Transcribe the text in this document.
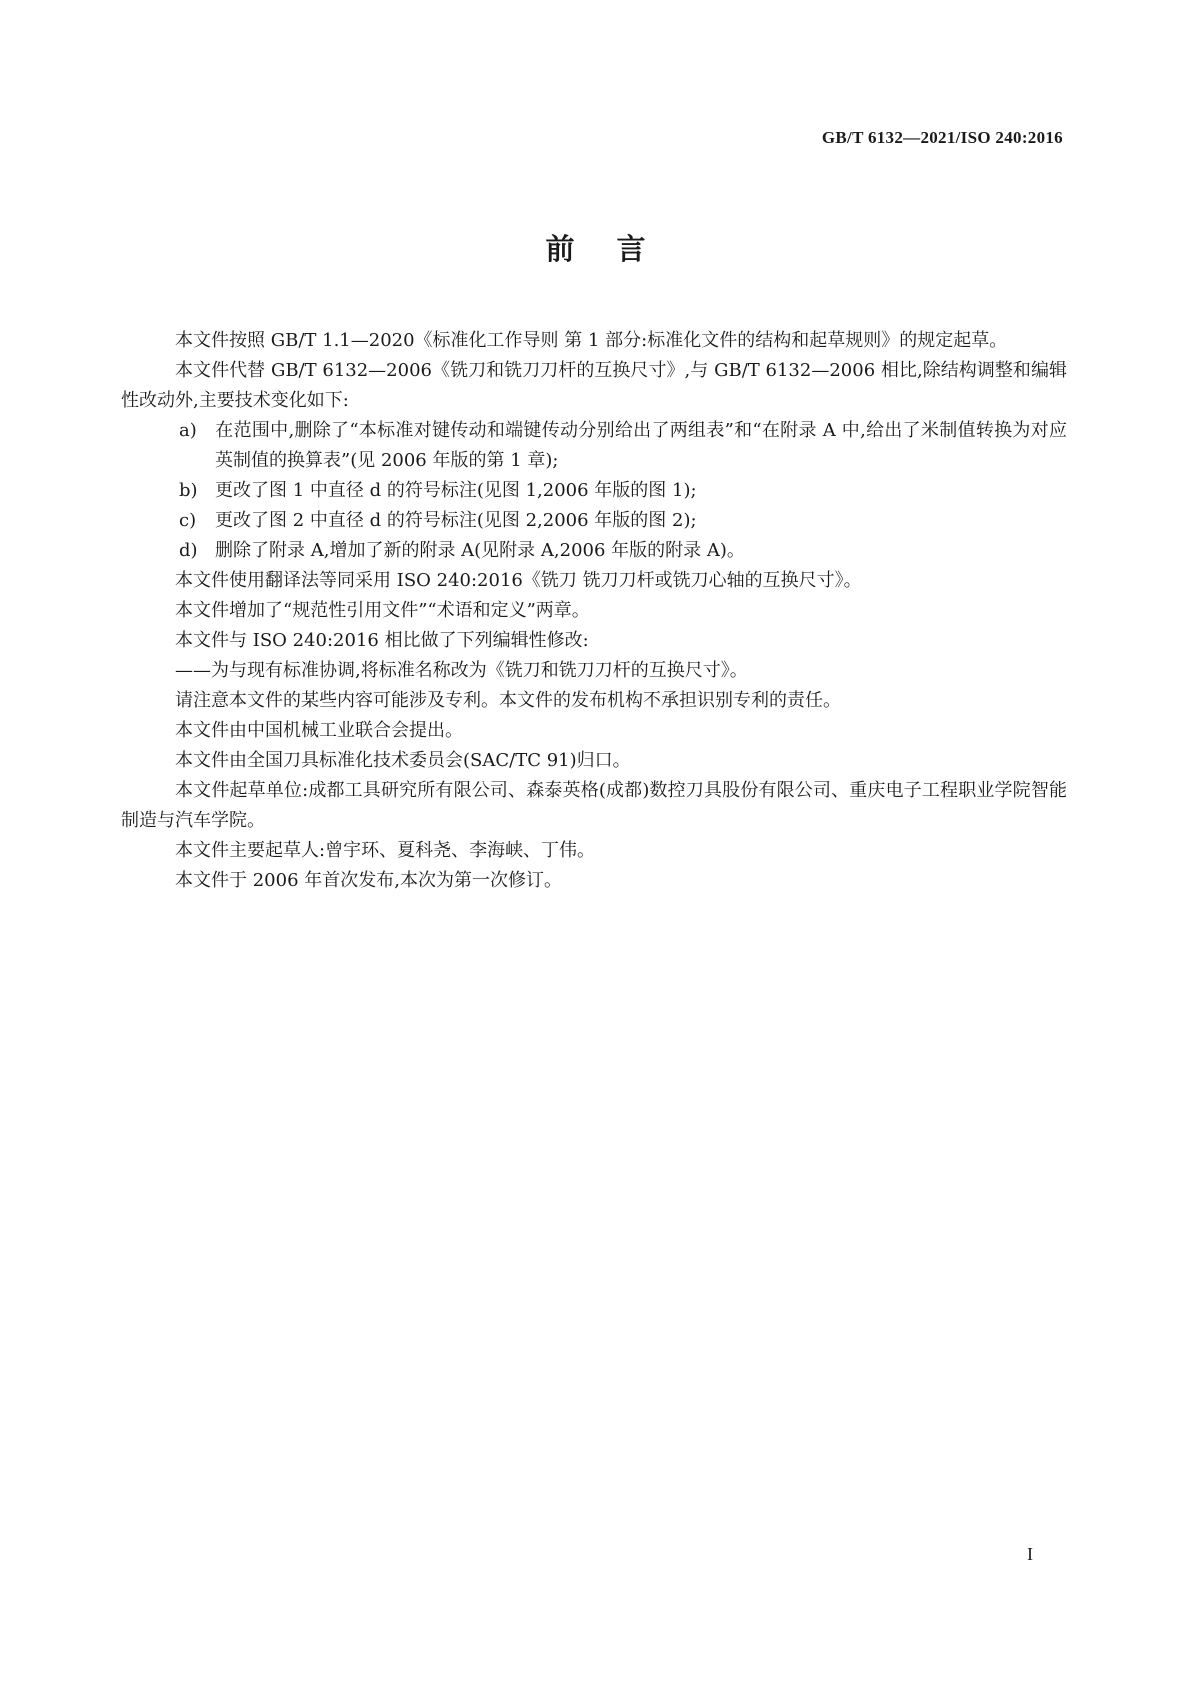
GB/T 6132—2021/ISO 240:2016
前言

本文件按照 GB/T 1.1—2020《标准化工作导则 第 1 部分:标准化文件的结构和起草规则》的规定起草。

本文件代替 GB/T 6132—2006《铣刀和铣刀刀杆的互换尺寸》,与 GB/T 6132—2006 相比,除结构调整和编辑性改动外,主要技术变化如下:

a) 在范围中,删除了“本标准对键传动和端键传动分别给出了两组表”和“在附录 A 中,给出了米制值转换为对应英制值的换算表”(见 2006 年版的第 1 章);

b) 更改了图 1 中直径 d 的符号标注(见图 1,2006 年版的图 1);

c) 更改了图 2 中直径 d 的符号标注(见图 2,2006 年版的图 2);

d) 删除了附录 A,增加了新的附录 A(见附录 A,2006 年版的附录 A)。

本文件使用翻译法等同采用 ISO 240:2016《铣刀 铣刀刀杆或铣刀心轴的互换尺寸》。

本文件增加了“规范性引用文件”“术语和定义”两章。

本文件与 ISO 240:2016 相比做了下列编辑性修改:

——为与现有标准协调,将标准名称改为《铣刀和铣刀刀杆的互换尺寸》。

请注意本文件的某些内容可能涉及专利。本文件的发布机构不承担识别专利的责任。

本文件由中国机械工业联合会提出。

本文件由全国刀具标准化技术委员会(SAC/TC 91)归口。

本文件起草单位:成都工具研究所有限公司、森泰英格(成都)数控刀具股份有限公司、重庆电子工程职业学院智能制造与汽车学院。

本文件主要起草人:曾宇环、夏科尧、李海峡、丁伟。

本文件于 2006 年首次发布,本次为第一次修订。

I
